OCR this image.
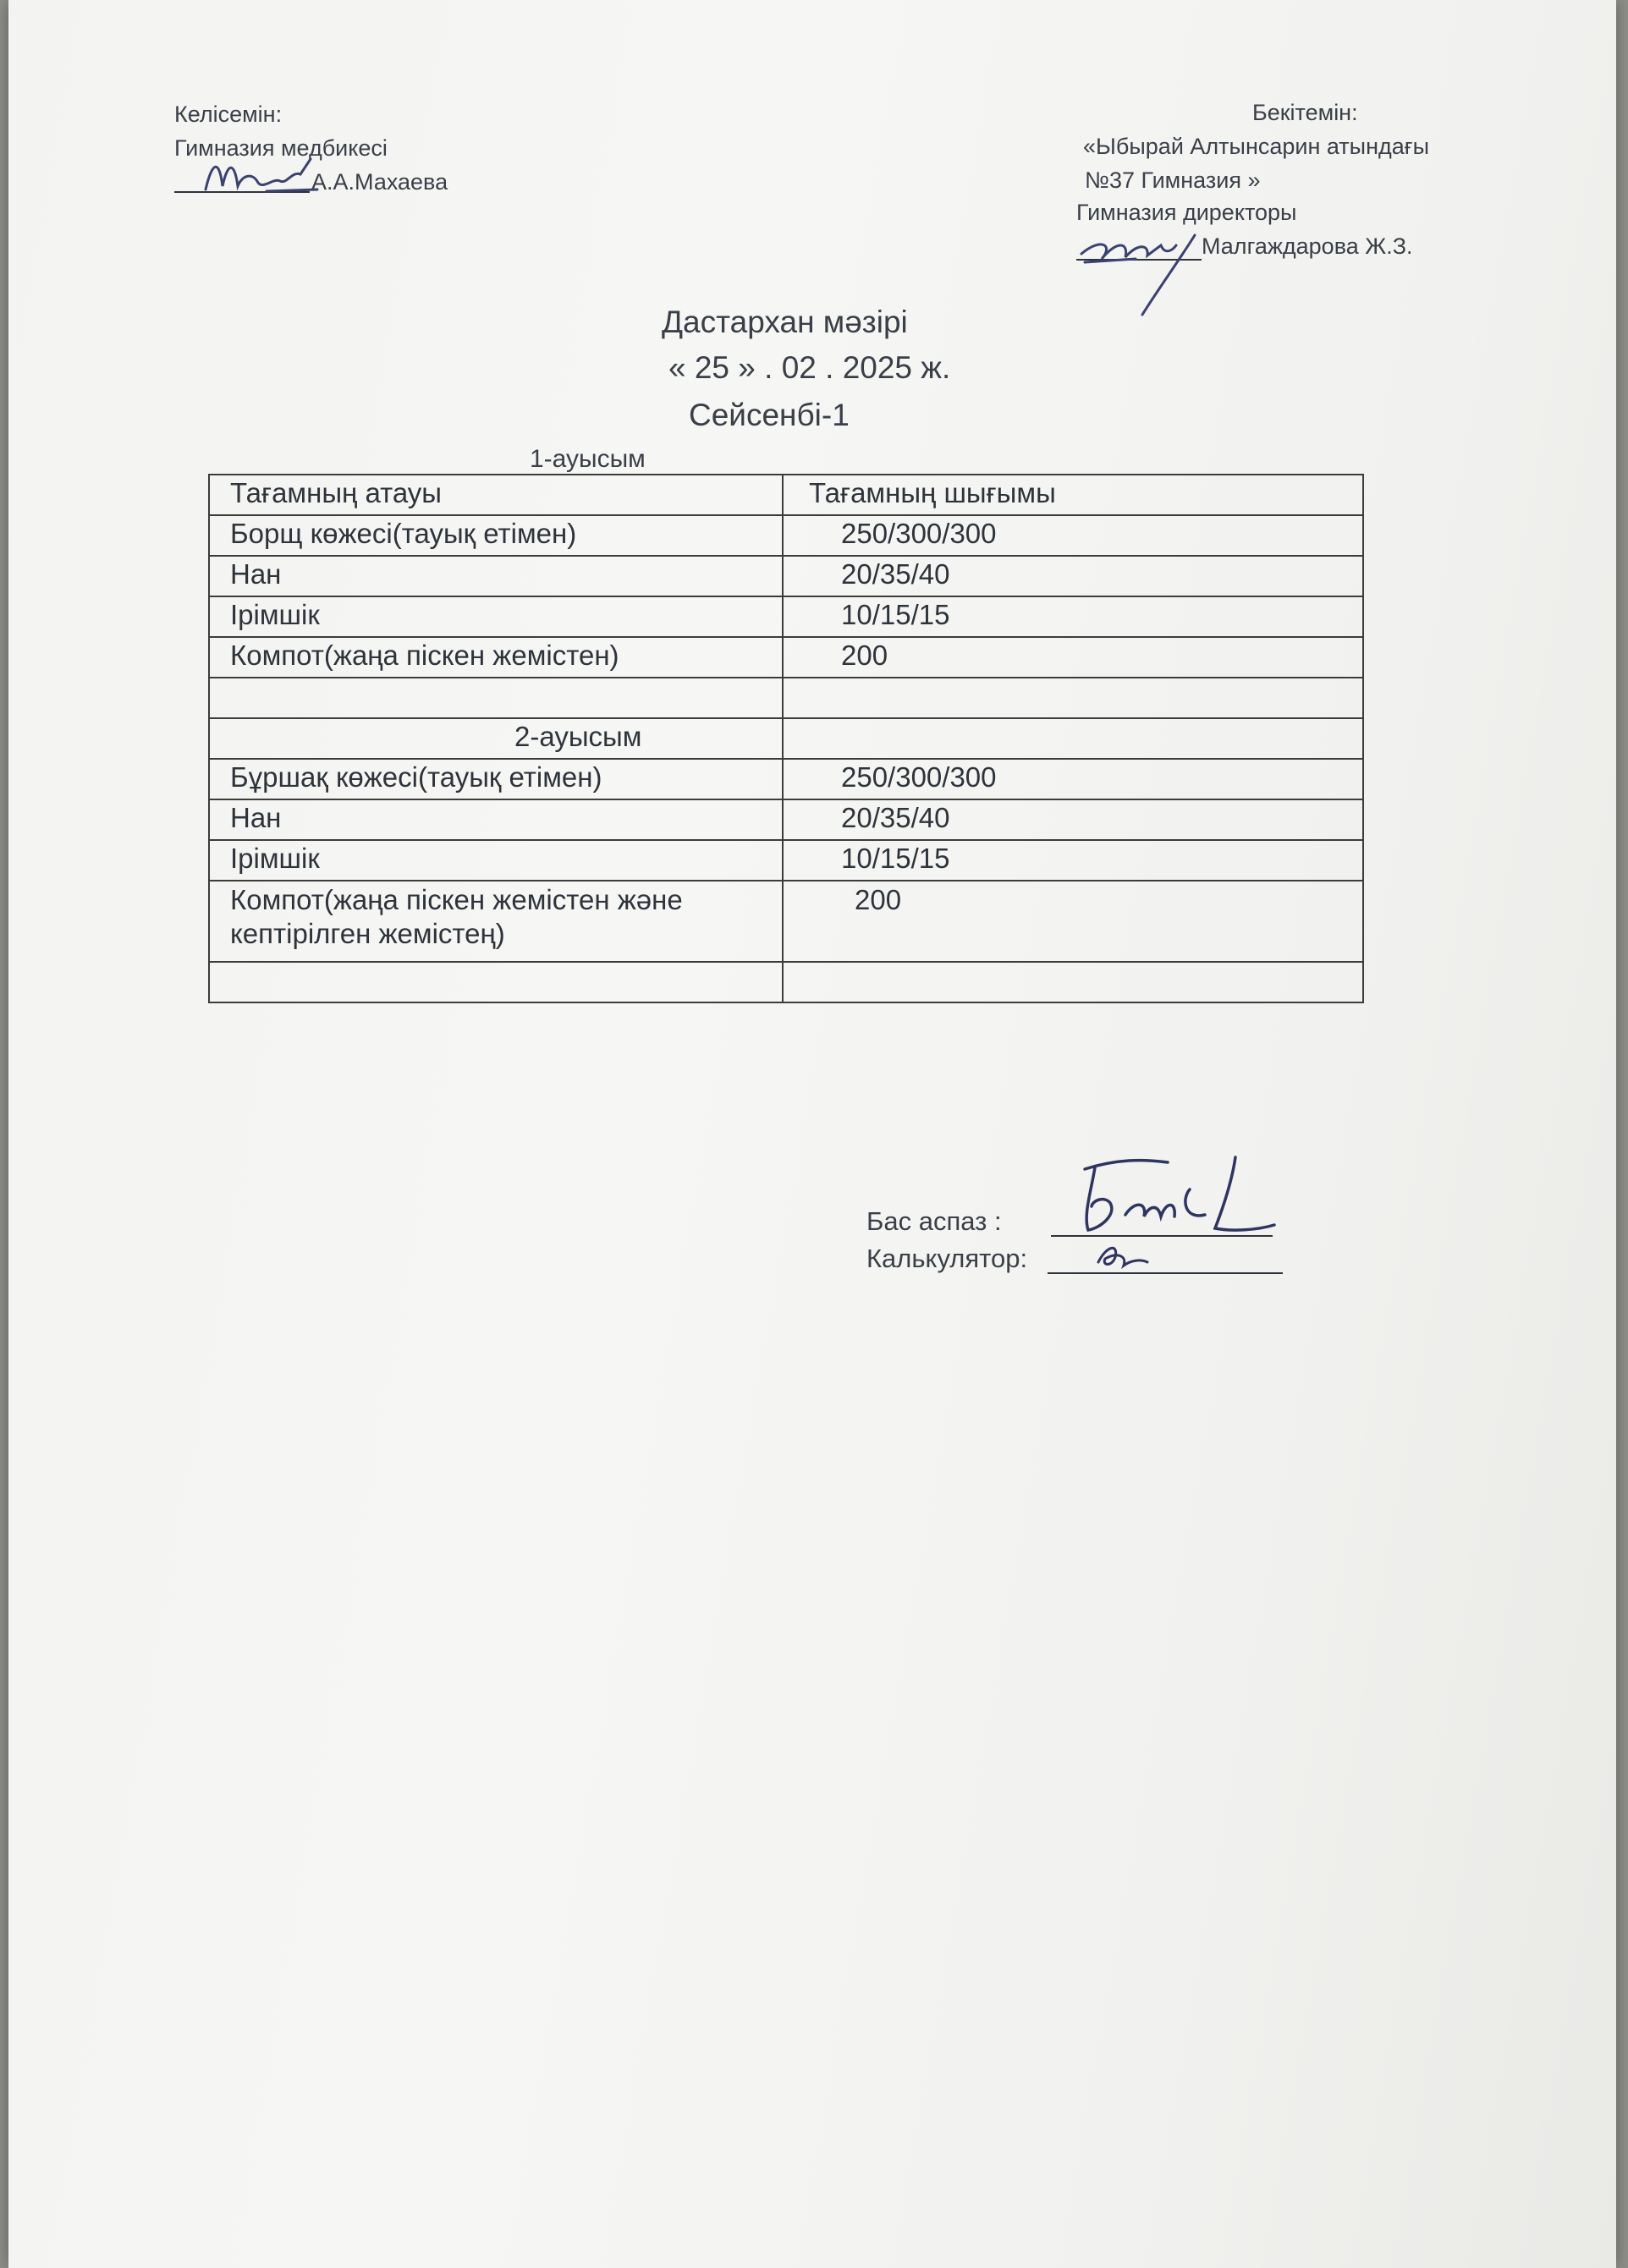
Келісемін:
Гимназия медбикесі
А.А.Махаева
Бекітемін:
«Ыбырай Алтынсарин атындағы
№37 Гимназия »
Гимназия директоры
Малгаждарова Ж.З.
Дастархан мәзірі
« 25 » . 02 . 2025 ж.
Сейсенбі-1
1-ауысым
Тағамның атауы	Тағамның шығымы
Борщ көжесі(тауық етімен)	250/300/300
Нан	20/35/40
Ірімшік	10/15/15
Компот(жаңа піскен жемістен)	200

2-ауысым	
Бұршақ көжесі(тауық етімен)	250/300/300
Нан	20/35/40
Ірімшік	10/15/15
Компот(жаңа піскен жемістен және
кептірілген жемістең)	200

Бас аспаз :
Калькулятор:
